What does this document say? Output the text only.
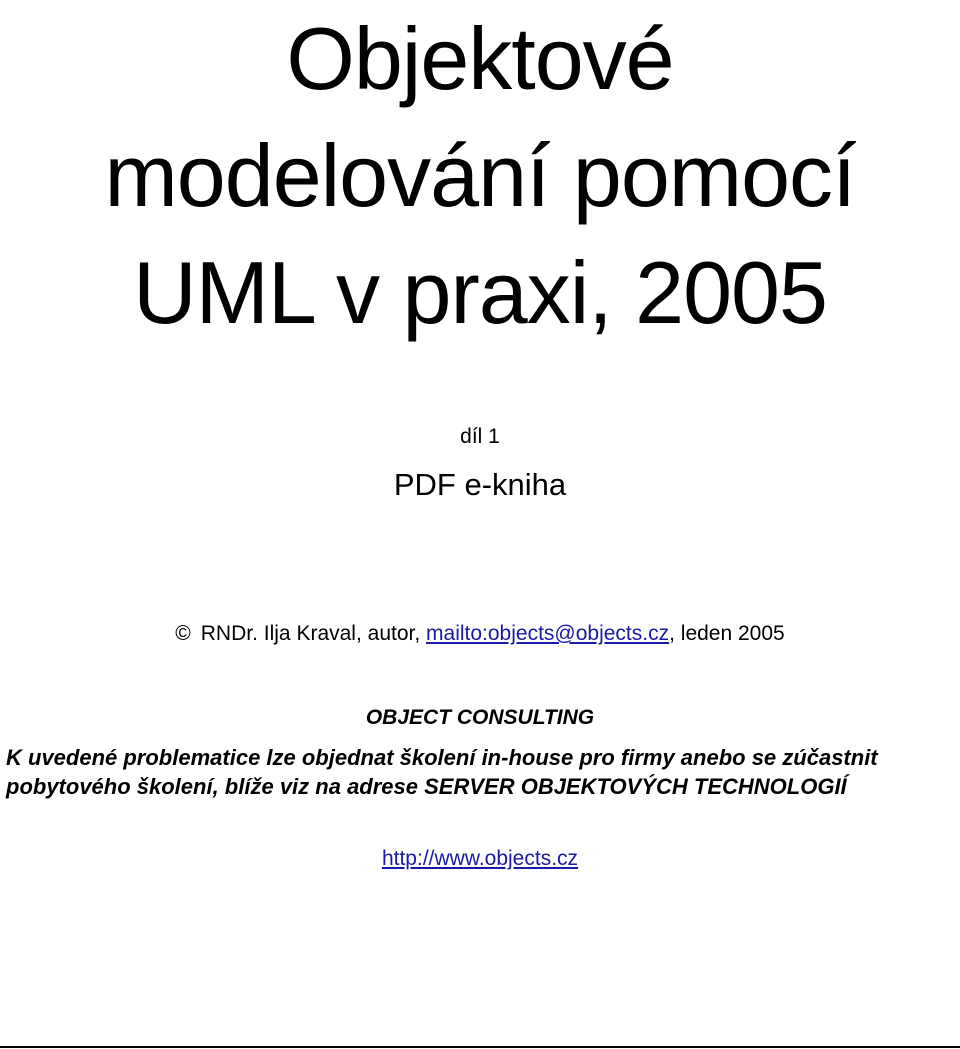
Objektové
modelování pomocí
UML v praxi, 2005
díl 1
PDF e-kniha
© RNDr. Ilja Kraval, autor, mailto:objects@objects.cz, leden 2005
OBJECT CONSULTING

K uvedené problematice lze objednat školení in-house pro firmy anebo se zúčastnit pobytového školení, blíže viz na adrese SERVER OBJEKTOVÝCH TECHNOLOGIÍ

http://www.objects.cz
